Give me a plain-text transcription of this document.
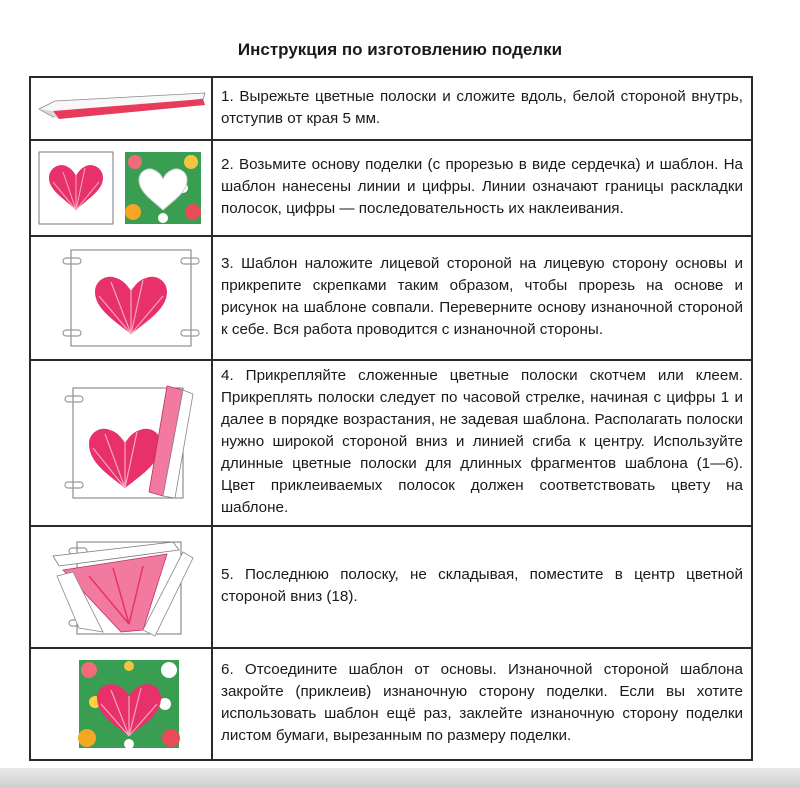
Инструкция по изготовлению поделки
	1. Вырежьте цветные полоски и сложите вдоль, белой стороной внутрь, отступив от края 5 мм.

	2. Возьмите основу поделки (с прорезью в виде сердечка) и шаблон. На шаблон нанесены линии и цифры. Линии означают границы раскладки полосок, цифры — последовательность их наклеивания.

	3. Шаблон наложите лицевой стороной на лицевую сторону основы и прикрепите скрепками таким образом, чтобы прорезь на основе и рисунок на шаблоне совпали. Переверните основу изнаночной стороной к себе. Вся работа проводится с изнаночной стороны.

	4. Прикрепляйте сложенные цветные полоски скотчем или клеем. Прикреплять полоски следует по часовой стрелке, начиная с цифры 1 и далее в порядке возрастания, не задевая шаблона. Располагать полоски нужно широкой стороной вниз и линией сгиба к центру. Используйте длинные цветные полоски для длинных фрагментов шаблона (1—6). Цвет приклеиваемых полосок должен соответствовать цвету на шаблоне.

	5. Последнюю полоску, не складывая, поместите в центр цветной стороной вниз (18).

	6. Отсоедините шаблон от основы. Изнаночной стороной шаблона закройте (приклеив) изнаночную сторону поделки. Если вы хотите использовать шаблон ещё раз, заклейте изнаночную сторону поделки листом бумаги, вырезанным по размеру поделки.
